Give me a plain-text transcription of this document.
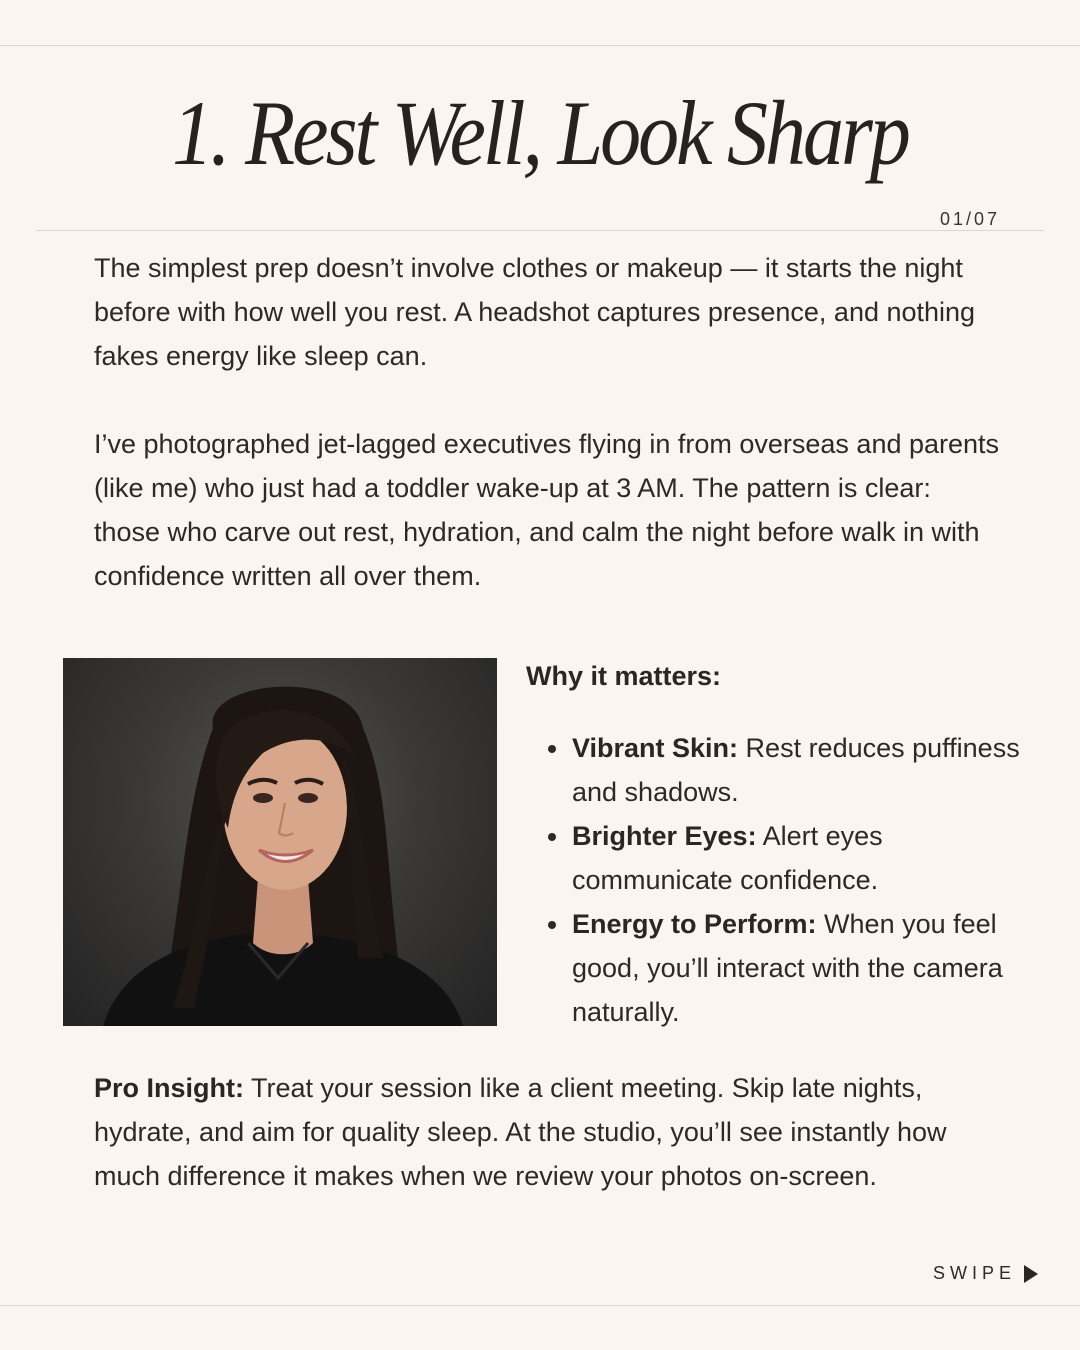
1. Rest Well, Look Sharp
01/07

The simplest prep doesn’t involve clothes or makeup — it starts the night before with how well you rest. A headshot captures presence, and nothing fakes energy like sleep can.

I’ve photographed jet-lagged executives flying in from overseas and parents (like me) who just had a toddler wake-up at 3 AM. The pattern is clear: those who carve out rest, hydration, and calm the night before walk in with confidence written all over them.

Why it matters:
Vibrant Skin: Rest reduces puffiness and shadows.
Brighter Eyes: Alert eyes communicate confidence.
Energy to Perform: When you feel good, you’ll interact with the camera naturally.

Pro Insight: Treat your session like a client meeting. Skip late nights, hydrate, and aim for quality sleep. At the studio, you’ll see instantly how much difference it makes when we review your photos on-screen.

SWIPE
